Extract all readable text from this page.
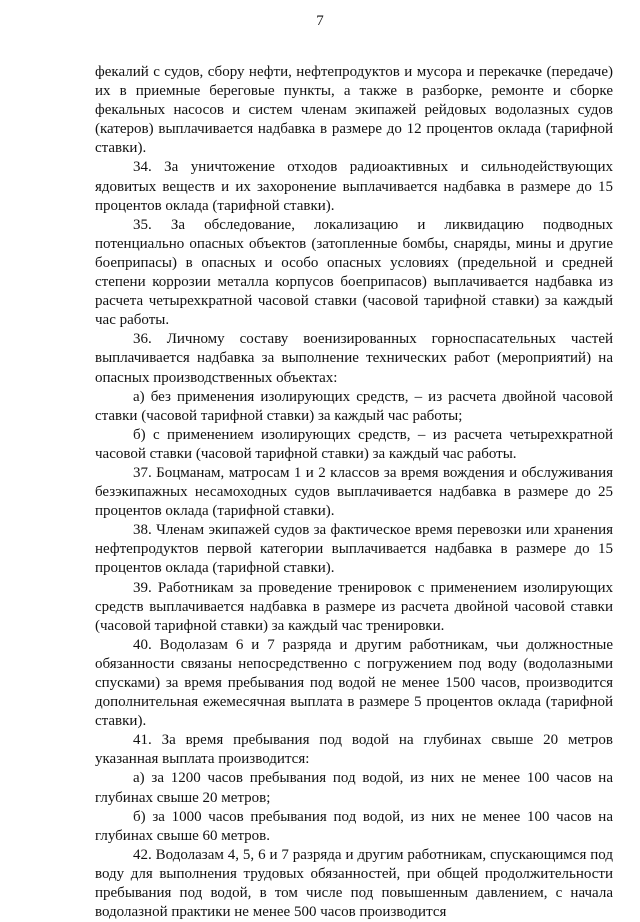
7

фекалий с судов, сбору нефти, нефтепродуктов и мусора и перекачке (передаче) их в приемные береговые пункты, а также в разборке, ремонте и сборке фекальных насосов и систем членам экипажей рейдовых водолазных судов (катеров) выплачивается надбавка в размере до 12 процентов оклада (тарифной ставки).

34. За уничтожение отходов радиоактивных и сильнодействующих ядовитых веществ и их захоронение выплачивается надбавка в размере до 15 процентов оклада (тарифной ставки).

35. За обследование, локализацию и ликвидацию подводных потенциально опасных объектов (затопленные бомбы, снаряды, мины и другие боеприпасы) в опасных и особо опасных условиях (предельной и средней степени коррозии металла корпусов боеприпасов) выплачивается надбавка из расчета четырехкратной часовой ставки (часовой тарифной ставки) за каждый час работы.

36. Личному составу военизированных горноспасательных частей выплачивается надбавка за выполнение технических работ (мероприятий) на опасных производственных объектах:

а) без применения изолирующих средств, – из расчета двойной часовой ставки (часовой тарифной ставки) за каждый час работы;

б) с применением изолирующих средств, – из расчета четырехкратной часовой ставки (часовой тарифной ставки) за каждый час работы.

37. Боцманам, матросам 1 и 2 классов за время вождения и обслуживания безэкипажных несамоходных судов выплачивается надбавка в размере до 25 процентов оклада (тарифной ставки).

38. Членам экипажей судов за фактическое время перевозки или хранения нефтепродуктов первой категории выплачивается надбавка в размере до 15 процентов оклада (тарифной ставки).

39. Работникам за проведение тренировок с применением изолирующих средств выплачивается надбавка в размере из расчета двойной часовой ставки (часовой тарифной ставки) за каждый час тренировки.

40. Водолазам 6 и 7 разряда и другим работникам, чьи должностные обязанности связаны непосредственно с погружением под воду (водолазными спусками) за время пребывания под водой не менее 1500 часов, производится дополнительная ежемесячная выплата в размере 5 процентов оклада (тарифной ставки).

41. За время пребывания под водой на глубинах свыше 20 метров указанная выплата производится:

а) за 1200 часов пребывания под водой, из них не менее 100 часов на глубинах свыше 20 метров;

б) за 1000 часов пребывания под водой, из них не менее 100 часов на глубинах свыше 60 метров.

42. Водолазам 4, 5, 6 и 7 разряда и другим работникам, спускающимся под воду для выполнения трудовых обязанностей, при общей продолжительности пребывания под водой, в том числе под повышенным давлением, с начала водолазной практики не менее 500 часов производится
